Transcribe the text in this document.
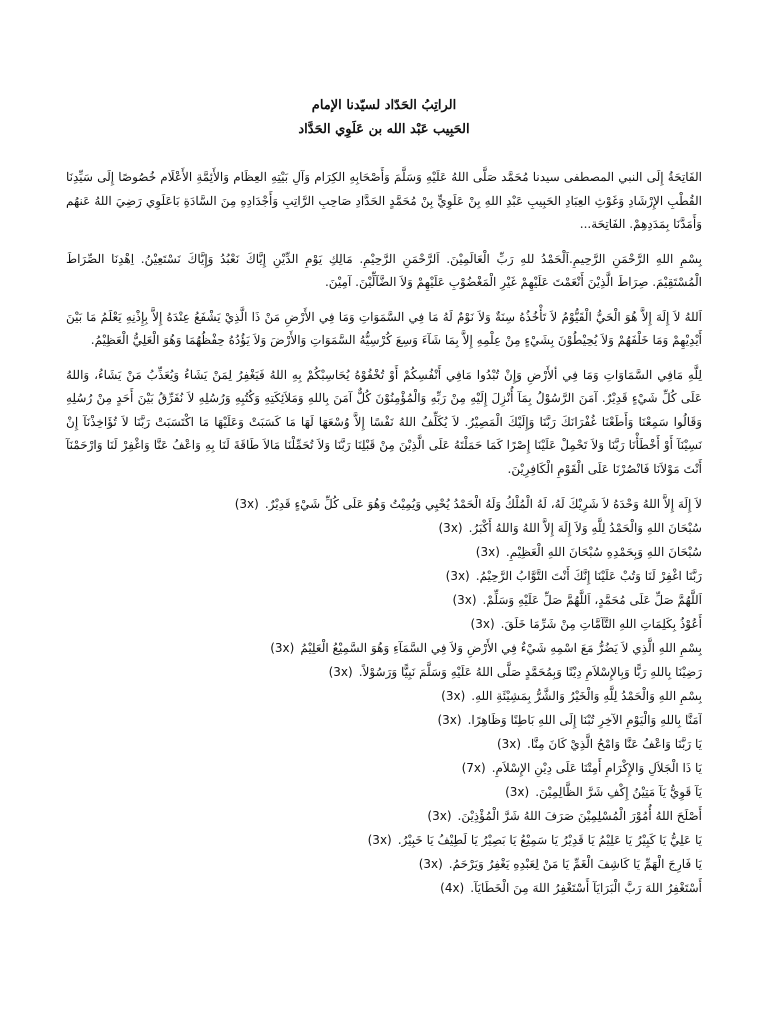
الراتِبُ الحَدّاد لسيّدنا الإمام

الحَبِيب عَبْد الله بن عَلَوِي الحَدَّاد

الفَاتِحَةُ إِلَى النبي المصطفى سيدنا مُحَمَّد صَلَّى اللهُ عَلَيْهِ وَسَلَّمَ وَأَصْحَابِهِ الكِرَام وَآلِ بَيْتِهِ العِظَام وَالأَئِمَّةِ الأَعْلَام خُصُوصًا إِلَى سَيِّدِنَا القُطْبِ الإِرْشَادِ وَغَوْثِ العِبَادِ الحَبِيبِ عَبْدِ اللهِ بِنْ عَلَوِيٍّ بِنْ مُحَمَّدٍ الحَدَّادِ صَاحِبِ الرَّاتِبِ وَأَجْدَادِهِ مِنَ السَّادَةِ بَاعَلَوِي رَضِيَ اللهُ عَنهُم وَأَمَدَّنَا بِمَدَدِهِمْ. الفَاتِحَة...

بِسْمِ اللهِ الرَّحْمَنِ الرَّحِيمِ.اَلْحَمْدُ للهِ رَبِّ الْعَالَمِيْنَ. اَلرَّحْمَنِ الرَّحِيْمِ. مَالِكِ يَوْمِ الدِّيْنِ إِيَّاكَ نَعْبُدُ وَإِيَّاكَ نَسْتَعِيْنُ. اِهْدِنَا الصِّرَاطَ الْمُسْتَقِيْمَ. صِرَاطَ الَّذِيْنَ أَنْعَمْتَ عَلَيْهِمْ غَيْرِ الْمَغْضُوْبِ عَلَيْهِمْ وَلاَ الضَّآلِّيْنَ. آمِيْنَ.

اَللهُ لاَ إِلَهَ إِلاَّ هُوَ الْحَيُّ الْقَيُّوْمُ لاَ تَأْخُذُهُ سِنَةٌ وَلاَ نَوْمٌ لَهُ مَا فِي السَّمَوَاتِ وَمَا فِي الأَرْضِ مَنْ ذَا الَّذِيْ يَشْفَعُ عِنْدَهُ إِلاَّ بِإِذْنِهِ يَعْلَمُ مَا بَيْنَ أَيْدِيْهِمْ وَمَا خَلْفَهُمْ وَلاَ يُحِيْطُوْنَ بِشَيْءٍ مِنْ عِلْمِهِ إِلاَّ بِمَا شَآءَ وَسِعَ كُرْسِيُّهُ السَّمَوَاتِ وَالأَرْضَ وَلاَ يَؤُدُهُ حِفْظُهُمَا وَهُوَ الْعَلِيُّ الْعَظِيْمُ.

لِلَّهِ مَافِي السَّمَاوَاتِ وَمَا فِي ألأَرْضِ وَإِنْ تُبْدُوا مَافِي أَنْفُسِكُمْ أَوْ تُخْفُوْهُ يُحَاسِبْكُمْ بِهِ اللهُ فَيَغْفِرُ لِمَنْ يَشَاءُ وَيُعَذِّبُ مَنْ يَشَاءُ، وَاللهُ عَلَى كُلِّ شَيْءٍ قَدِيْرٌ. آمَنَ الرَّسُوْلُ بِمَآ أُنْزِلَ إِلَيْهِ مِنْ رَبِّهِ وَالْمُؤْمِنُوْنَ كُلٌّ آمَنَ بِاللهِ وَمَلاَئِكَتِهِ وَكُتُبِهِ وَرُسُلِهِ لاَ نُفَرِّقُ بَيْنَ أَحَدٍ مِنْ رُسُلِهِ وَقَالُوا سَمِعْنَا وَأَطَعْنَا غُفْرَانَكَ رَبَّنَا وَإِلَيْكَ الْمَصِيْرُ. لاَ يُكَلِّفُ اللهُ نَفْسًا إِلاَّ وُسْعَهَا لَهَا مَا كَسَبَتْ وَعَلَيْهَا مَا اكْتَسَبَتْ رَبَّنَا لاَ تُؤَاخِذْنَآ إِنْ نَسِيْنَآ أَوْ أَخْطَأْنَا رَبَّنَا وَلاَ تَحْمِلْ عَلَيْنَا إِصْرًا كَمَا حَمَلْتَهُ عَلَى الَّذِيْنَ مِنْ قَبْلِنَا رَبَّنَا وَلاَ تُحَمِّلْنَا مَالاَ طَاقَةَ لَنَا بِهِ وَاعْفُ عَنَّا وَاغْفِرْ لَنَا وَارْحَمْنَآ أَنْتَ مَوْلاَنَا فَانْصُرْنَا عَلَى الْقَوْمِ الْكَافِرِيْنَ.

لاَ إِلَهَ إِلاَّ اللهُ وَحْدَهُ لاَ شَرِيْكَ لَهُ، لَهُ الْمُلْكُ وَلَهُ الْحَمْدُ يُحْيِي وَيُمِيْتُ وَهُوَ عَلَى كُلِّ شَيْءٍ قَدِيْرٌ.(3x)
سُبْحَانَ اللهِ وَالْحَمْدُ لِلَّهِ وَلاَ إِلَهَ إِلاَّ اللهُ وَاللهُ أَكْبَرُ.(3x)
سُبْحَانَ اللهِ وَبِحَمْدِهِ سُبْحَانَ اللهِ الْعَظِيْمِ.(3x)
رَبَّنَا اغْفِرْ لَنَا وَتُبْ عَلَيْنَا إِنَّكَ أَنْتَ التَّوَّابُ الرَّحِيْمُ.(3x)
اَللَّهُمَّ صَلِّ عَلَى مُحَمَّدٍ، اَللَّهُمَّ صَلِّ عَلَيْهِ وَسَلِّمْ.(3x)
أَعُوْذُ بِكَلِمَاتِ اللهِ التَّآمَّاتِ مِنْ شَرِّمَا خَلَقَ.(3x)
بِسْمِ اللهِ الَّذِي لاَ يَضُرُّ مَعَ اسْمِهِ شَيْءٌ فِي الأَرْضِ وَلاَ فِي السَّمَآءِ وَهُوَ السَّمِيْعُ الْعَلِيْمُ(3x)
رَضِيْنَا بِاللهِ رَبًّا وَبِالإِسْلاَمِ دِيْنًا وَبِمُحَمَّدٍ صَلَّى اللهُ عَلَيْهِ وَسَلَّمَ نَبِيًّا وَرَسُوْلاً.(3x)
بِسْمِ اللهِ وَالْحَمْدُ لِلَّهِ وَالْخَيْرُ وَالشَّرُّ بِمَشِيْئَةِ اللهِ.(3x)
آمَنَّا بِاللهِ وَالْيَوْمِ الآخِرِ تُبْنَا إِلَى اللهِ بَاطِنًا وَظَاهِرًا.(3x)
يَا رَبَّنَا وَاعْفُ عَنَّا وَامْحُ الَّذِيْ كَانَ مِنَّا.(3x)
يَا ذَا الْجَلاَلِ وَالإِكْرَامِ أَمِتْنَا عَلَى دِيْنِ الإِسْلاَمِ.(7x)
يَآ قَوِيُّ يَآ مَتِيْنُ إِكْفِ شَرَّ الظَّالِمِيْنَ.(3x)
أَصْلَحَ اللهُ أُمُوْرَ الْمُسْلِمِيْنَ صَرَفَ اللهُ شَرَّ الْمُؤْذِيْنَ.(3x)
يَا عَلِيُّ يَا كَبِيْرُ يَا عَلِيْمُ يَا قَدِيْرُ يَا سَمِيْعُ يَا بَصِيْرُ يَا لَطِيْفُ يَا خَبِيْرُ.(3x)
يَا فَارِجَ الْهَمِّ يَا كَاشِفَ الْغَمِّ يَا مَنْ لِعَبْدِهِ يَغْفِرُ وَيَرْحَمُ.(3x)
أَسْتَغْفِرُ اللهَ رَبَّ الْبَرَايَآ أَسْتَغْفِرُ اللهَ مِنَ الْخَطَايَآ.(4x)
